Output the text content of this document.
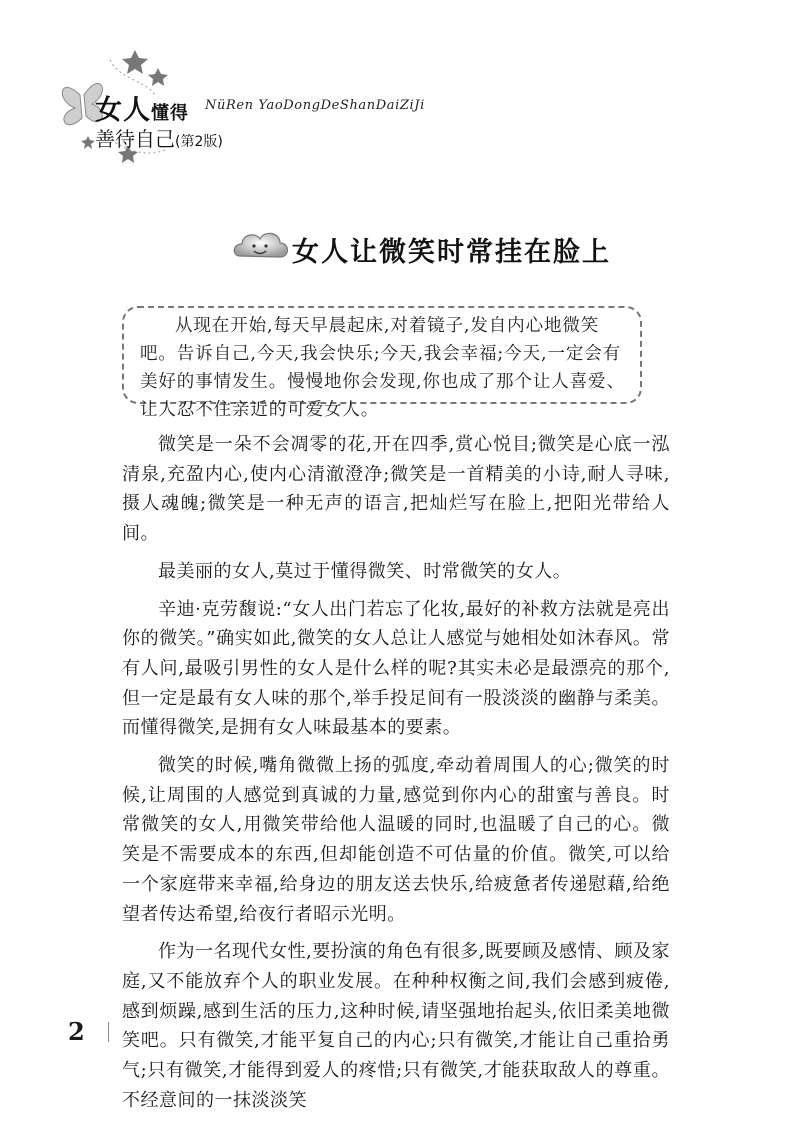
女人懂得
善待自己(第2版)
NüRen YaoDongDeShanDaiZiJi
女人让微笑时常挂在脸上
从现在开始,每天早晨起床,对着镜子,发自内心地微笑吧。告诉自己,今天,我会快乐;今天,我会幸福;今天,一定会有美好的事情发生。慢慢地你会发现,你也成了那个让人喜爱、让人忍不住亲近的可爱女人。

微笑是一朵不会凋零的花,开在四季,赏心悦目;微笑是心底一泓清泉,充盈内心,使内心清澈澄净;微笑是一首精美的小诗,耐人寻味,摄人魂魄;微笑是一种无声的语言,把灿烂写在脸上,把阳光带给人间。

最美丽的女人,莫过于懂得微笑、时常微笑的女人。

辛迪·克劳馥说:“女人出门若忘了化妆,最好的补救方法就是亮出你的微笑。”确实如此,微笑的女人总让人感觉与她相处如沐春风。常有人问,最吸引男性的女人是什么样的呢?其实未必是最漂亮的那个,但一定是最有女人味的那个,举手投足间有一股淡淡的幽静与柔美。而懂得微笑,是拥有女人味最基本的要素。

微笑的时候,嘴角微微上扬的弧度,牵动着周围人的心;微笑的时候,让周围的人感觉到真诚的力量,感觉到你内心的甜蜜与善良。时常微笑的女人,用微笑带给他人温暖的同时,也温暖了自己的心。微笑是不需要成本的东西,但却能创造不可估量的价值。微笑,可以给一个家庭带来幸福,给身边的朋友送去快乐,给疲惫者传递慰藉,给绝望者传达希望,给夜行者昭示光明。

作为一名现代女性,要扮演的角色有很多,既要顾及感情、顾及家庭,又不能放弃个人的职业发展。在种种权衡之间,我们会感到疲倦,感到烦躁,感到生活的压力,这种时候,请坚强地抬起头,依旧柔美地微笑吧。只有微笑,才能平复自己的内心;只有微笑,才能让自己重拾勇气;只有微笑,才能得到爱人的疼惜;只有微笑,才能获取敌人的尊重。不经意间的一抹淡淡笑

2
